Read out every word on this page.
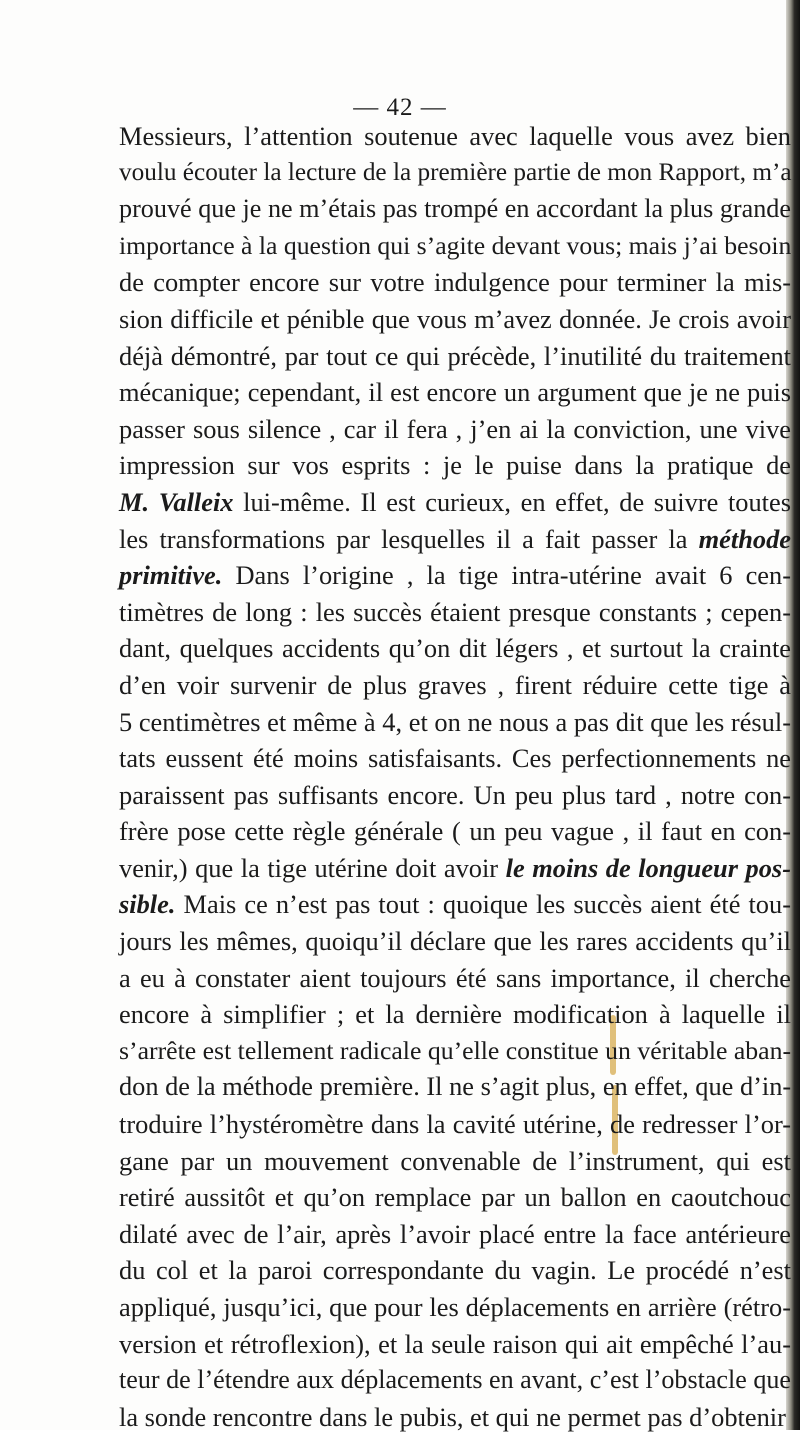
— 42 —
Messieurs, l’attention soutenue avec laquelle vous avez bien
voulu écouter la lecture de la première partie de mon Rapport, m’a
prouvé que je ne m’étais pas trompé en accordant la plus grande
importance à la question qui s’agite devant vous; mais j’ai besoin
de compter encore sur votre indulgence pour terminer la mis-
sion difficile et pénible que vous m’avez donnée. Je crois avoir
déjà démontré, par tout ce qui précède, l’inutilité du traitement
mécanique; cependant, il est encore un argument que je ne puis
passer sous silence , car il fera , j’en ai la conviction, une vive
impression sur vos esprits : je le puise dans la pratique de
M. Valleix lui-même. Il est curieux, en effet, de suivre toutes
les transformations par lesquelles il a fait passer la méthode
primitive. Dans l’origine , la tige intra-utérine avait 6 cen-
timètres de long : les succès étaient presque constants ; cepen-
dant, quelques accidents qu’on dit légers , et surtout la crainte
d’en voir survenir de plus graves , firent réduire cette tige à
5 centimètres et même à 4, et on ne nous a pas dit que les résul-
tats eussent été moins satisfaisants. Ces perfectionnements ne
paraissent pas suffisants encore. Un peu plus tard , notre con-
frère pose cette règle générale ( un peu vague , il faut en con-
venir,) que la tige utérine doit avoir le moins de longueur pos-
sible. Mais ce n’est pas tout : quoique les succès aient été tou-
jours les mêmes, quoiqu’il déclare que les rares accidents qu’il
a eu à constater aient toujours été sans importance, il cherche
encore à simplifier ; et la dernière modification à laquelle il
s’arrête est tellement radicale qu’elle constitue un véritable aban-
don de la méthode première. Il ne s’agit plus, en effet, que d’in-
troduire l’hystéromètre dans la cavité utérine, de redresser l’or-
gane par un mouvement convenable de l’instrument, qui est
retiré aussitôt et qu’on remplace par un ballon en caoutchouc
dilaté avec de l’air, après l’avoir placé entre la face antérieure
du col et la paroi correspondante du vagin. Le procédé n’est
appliqué, jusqu’ici, que pour les déplacements en arrière (rétro-
version et rétroflexion), et la seule raison qui ait empêché l’au-
teur de l’étendre aux déplacements en avant, c’est l’obstacle que
la sonde rencontre dans le pubis, et qui ne permet pas d’obtenir
